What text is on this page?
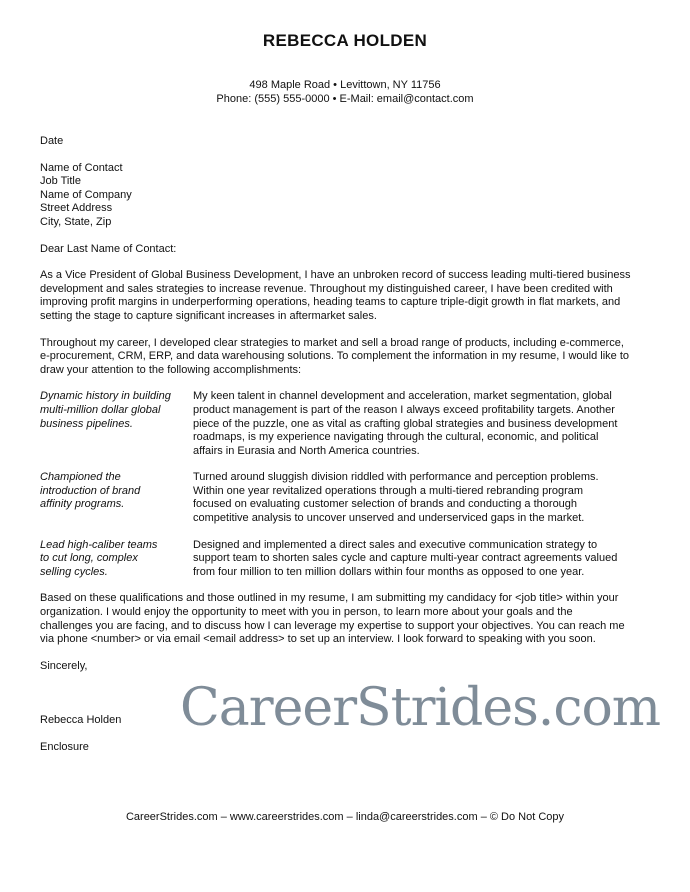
REBECCA HOLDEN
498 Maple Road • Levittown, NY 11756
Phone: (555) 555-0000 • E-Mail: email@contact.com
Date
Name of Contact
Job Title
Name of Company
Street Address
City, State, Zip
Dear Last Name of Contact:
As a Vice President of Global Business Development, I have an unbroken record of success leading multi-tiered business
development and sales strategies to increase revenue. Throughout my distinguished career, I have been credited with
improving profit margins in underperforming operations, heading teams to capture triple-digit growth in flat markets, and
setting the stage to capture significant increases in aftermarket sales.
Throughout my career, I developed clear strategies to market and sell a broad range of products, including e-commerce,
e-procurement, CRM, ERP, and data warehousing solutions. To complement the information in my resume, I would like to
draw your attention to the following accomplishments:
Dynamic history in building
multi-million dollar global
business pipelines.
My keen talent in channel development and acceleration, market segmentation, global
product management is part of the reason I always exceed profitability targets. Another
piece of the puzzle, one as vital as crafting global strategies and business development
roadmaps, is my experience navigating through the cultural, economic, and political
affairs in Eurasia and North America countries.
Championed the
introduction of brand
affinity programs.
Turned around sluggish division riddled with performance and perception problems.
Within one year revitalized operations through a multi-tiered rebranding program
focused on evaluating customer selection of brands and conducting a thorough
competitive analysis to uncover unserved and underserviced gaps in the market.
Lead high-caliber teams
to cut long, complex
selling cycles.
Designed and implemented a direct sales and executive communication strategy to
support team to shorten sales cycle and capture multi-year contract agreements valued
from four million to ten million dollars within four months as opposed to one year.
Based on these qualifications and those outlined in my resume, I am submitting my candidacy for <job title> within your
organization. I would enjoy the opportunity to meet with you in person, to learn more about your goals and the
challenges you are facing, and to discuss how I can leverage my expertise to support your objectives. You can reach me
via phone <number> or via email <email address> to set up an interview. I look forward to speaking with you soon.
Sincerely,
Rebecca Holden
Enclosure
CareerStrides.com
CareerStrides.com – www.careerstrides.com – linda@careerstrides.com – © Do Not Copy
